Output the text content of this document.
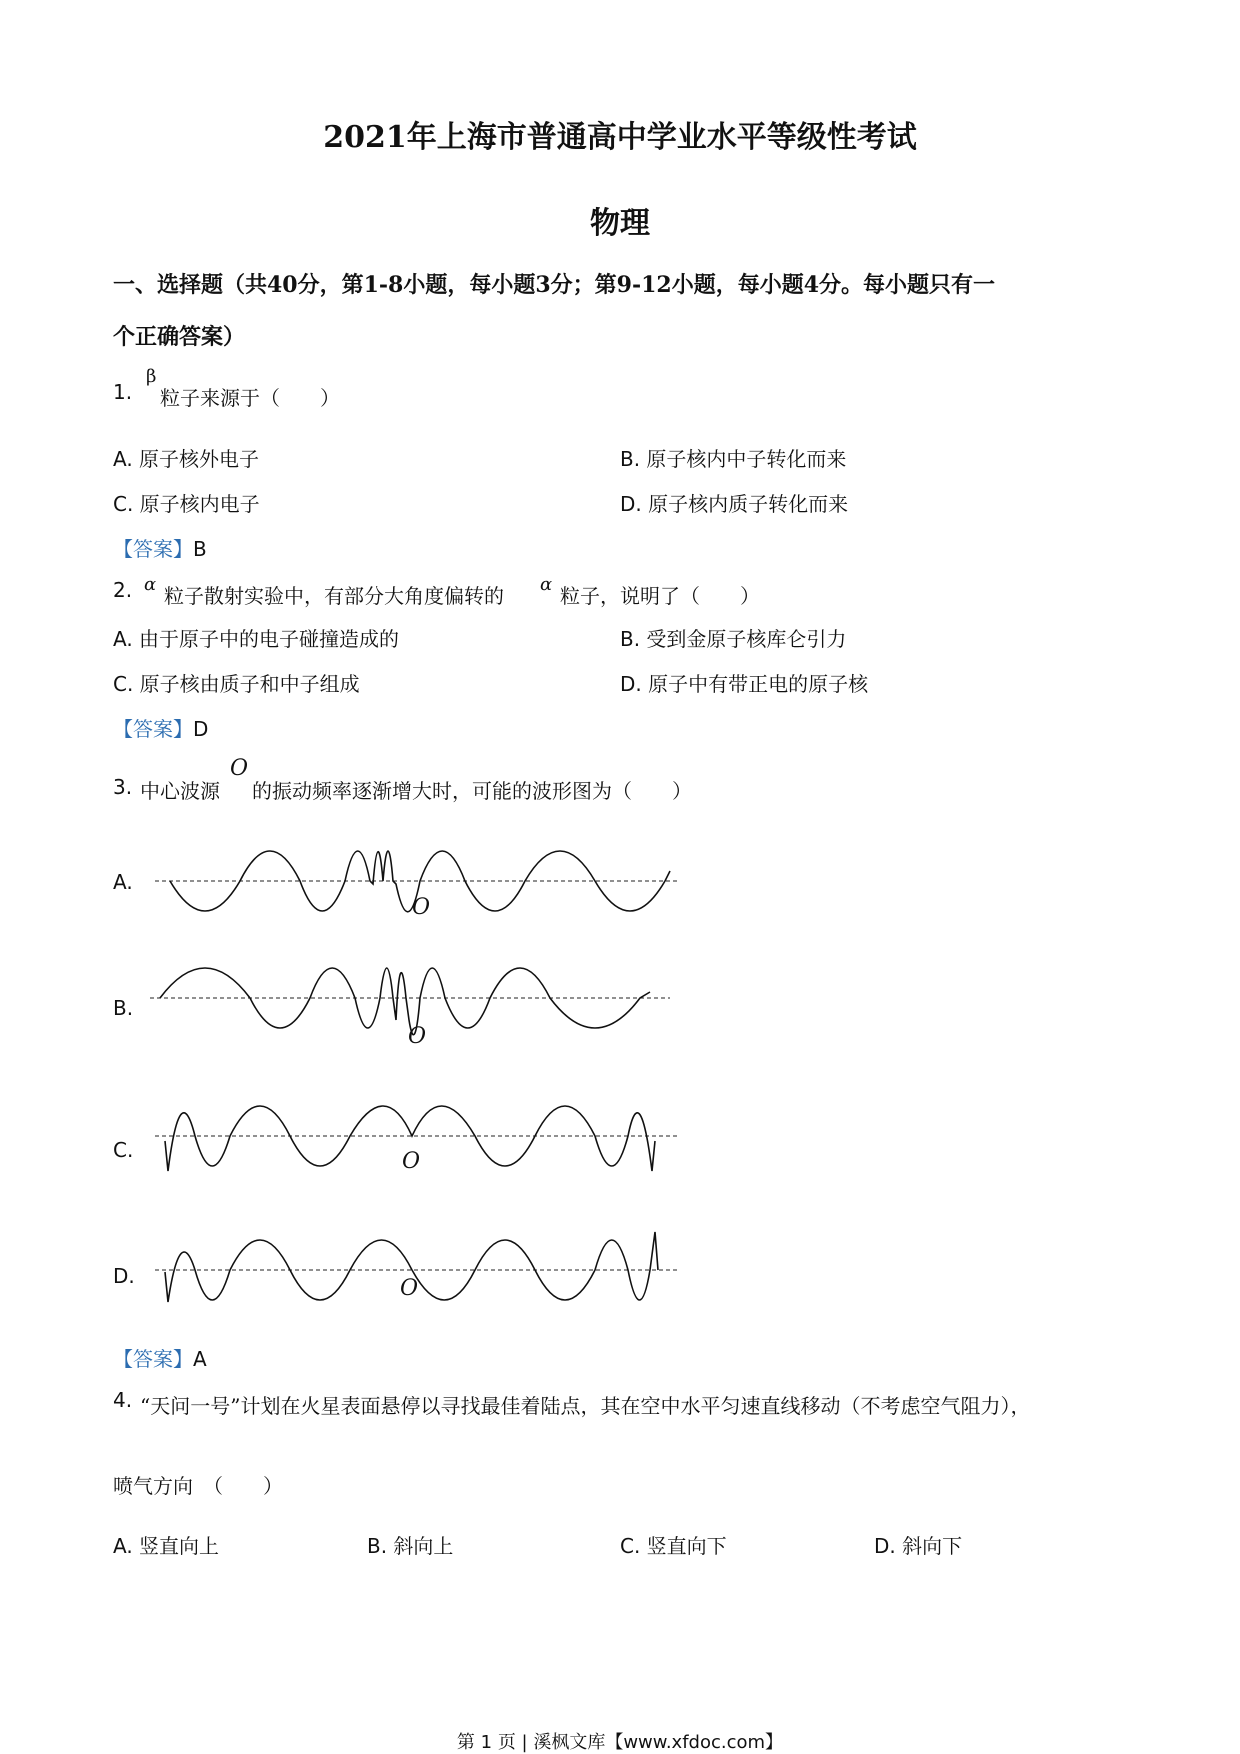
2021年上海市普通高中学业水平等级性考试
物理
一、选择题（共40分，第1-8小题，每小题3分；第9-12小题，每小题4分。每小题只有一
个正确答案）
1.
β
粒子来源于（　　）
A. 原子核外电子	B. 原子核内中子转化而来
C. 原子核内电子	D. 原子核内质子转化而来
【答案】B
2. α 粒子散射实验中，有部分大角度偏转的 α 粒子，说明了（　　）
A. 由于原子中的电子碰撞造成的	B. 受到金原子核库仑引力
C. 原子核由质子和中子组成	D. 原子中有带正电的原子核
【答案】D
3. 中心波源
O
的振动频率逐渐增大时，可能的波形图为（　　）
A.
O
B.
O
C.	O
D.	O
【答案】A
4. “天问一号”计划在火星表面悬停以寻找最佳着陆点，其在空中水平匀速直线移动（不考虑空气阻力），
喷气方向　（　　）
A. 竖直向上	B. 斜向上	C. 竖直向下	D. 斜向下
第 1 页 | 溪枫文库【www.xfdoc.com】
